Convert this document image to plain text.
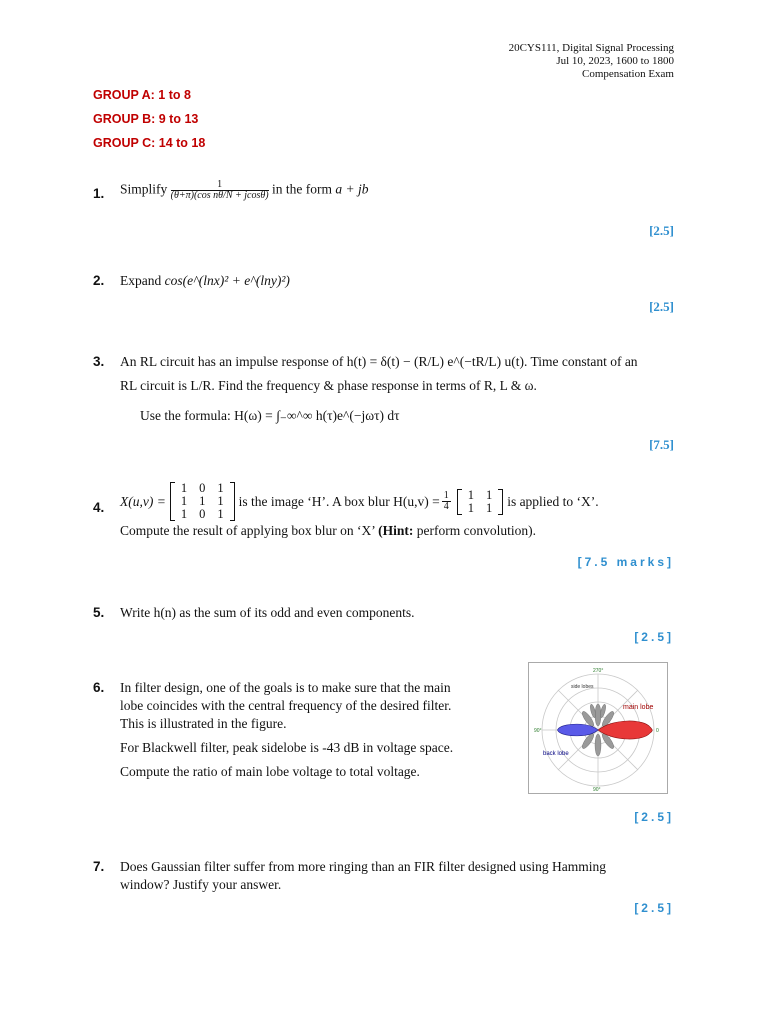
20CYS111, Digital Signal Processing
Jul 10, 2023, 1600 to 1800
Compensation Exam
GROUP A: 1 to 8
GROUP B: 9 to 13
GROUP C: 14 to 18
1. Simplify $\frac{1}{\text{(θ+π)(cos nθ/N + jcosθ)}}$ in the form a + jb
[2.5]
2. Expand cos(e^(lnx)² + e^(lny)²)
[2.5]
3. An RL circuit has an impulse response of h(t) = δ(t) − (R/L) e^(−tR/L) u(t). Time constant of an
RL circuit is L/R. Find the frequency & phase response in terms of R, L & ω.
Use the formula: H(ω) = ∫₋∞^∞ h(τ)e^(−jωτ) dτ
[7.5]
4. X(u,v) =
1	0	1
1	1	1
1	0	1
is the image ‘H’. A box blur $H(u,v) = \frac{1}{4} 1$	1
1	1 is applied to ‘X’.
Compute the result of applying box blur on ‘X’ (Hint: perform convolution).
[7.5 marks]
5. Write h(n) as the sum of its odd and even components.
[2.5]
6. In filter design, one of the goals is to make sure that the main
lobe coincides with the central frequency of the desired filter.
This is illustrated in the figure.
For Blackwell filter, peak sidelobe is -43 dB in voltage space.
Compute the ratio of main lobe voltage to total voltage.
main lobe
side lobes
back lobe
270°
90°	0
90°
[2.5]
7. Does Gaussian filter suffer from more ringing than an FIR filter designed using Hamming
window? Justify your answer.
[2.5]
